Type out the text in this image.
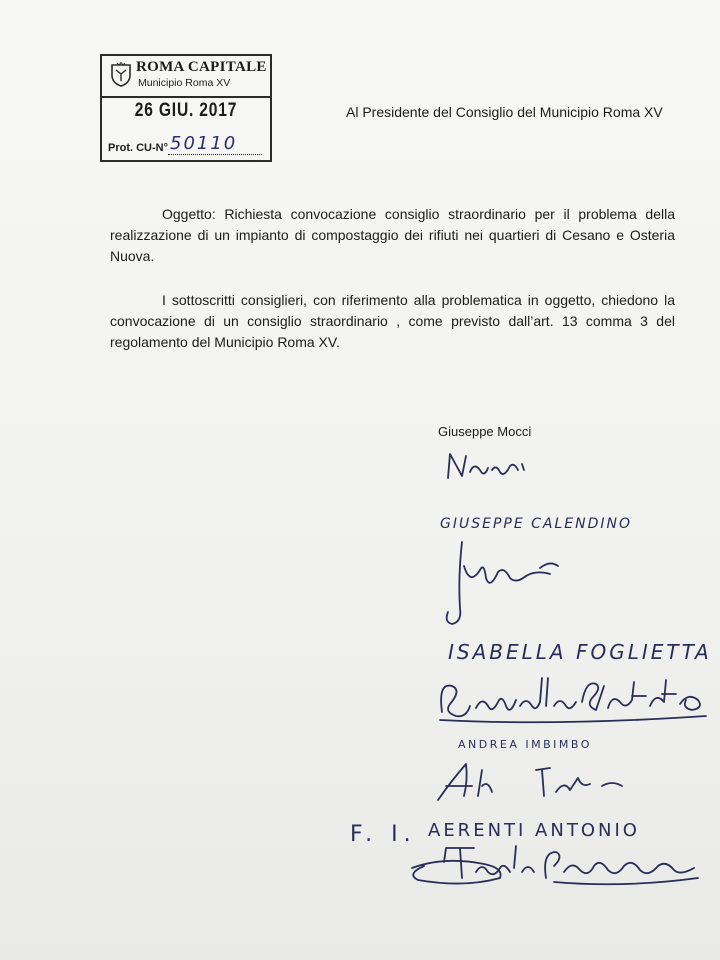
ROMA CAPITALE
Municipio Roma XV
26 GIU. 2017
Prot. CU-N° 50110
Al Presidente del Consiglio del Municipio Roma XV

Oggetto: Richiesta convocazione consiglio straordinario per il problema della realizzazione di un impianto di compostaggio dei rifiuti nei quartieri di Cesano e Osteria Nuova.

I sottoscritti consiglieri, con riferimento alla problematica in oggetto, chiedono la convocazione di un consiglio straordinario , come previsto dall’art. 13 comma 3 del regolamento del Municipio Roma XV.

Giuseppe Mocci
GIUSEPPE CALENDINO
ISABELLA FOGLIETTA
ANDREA IMBIMBO
F. I. AERENTI ANTONIO
